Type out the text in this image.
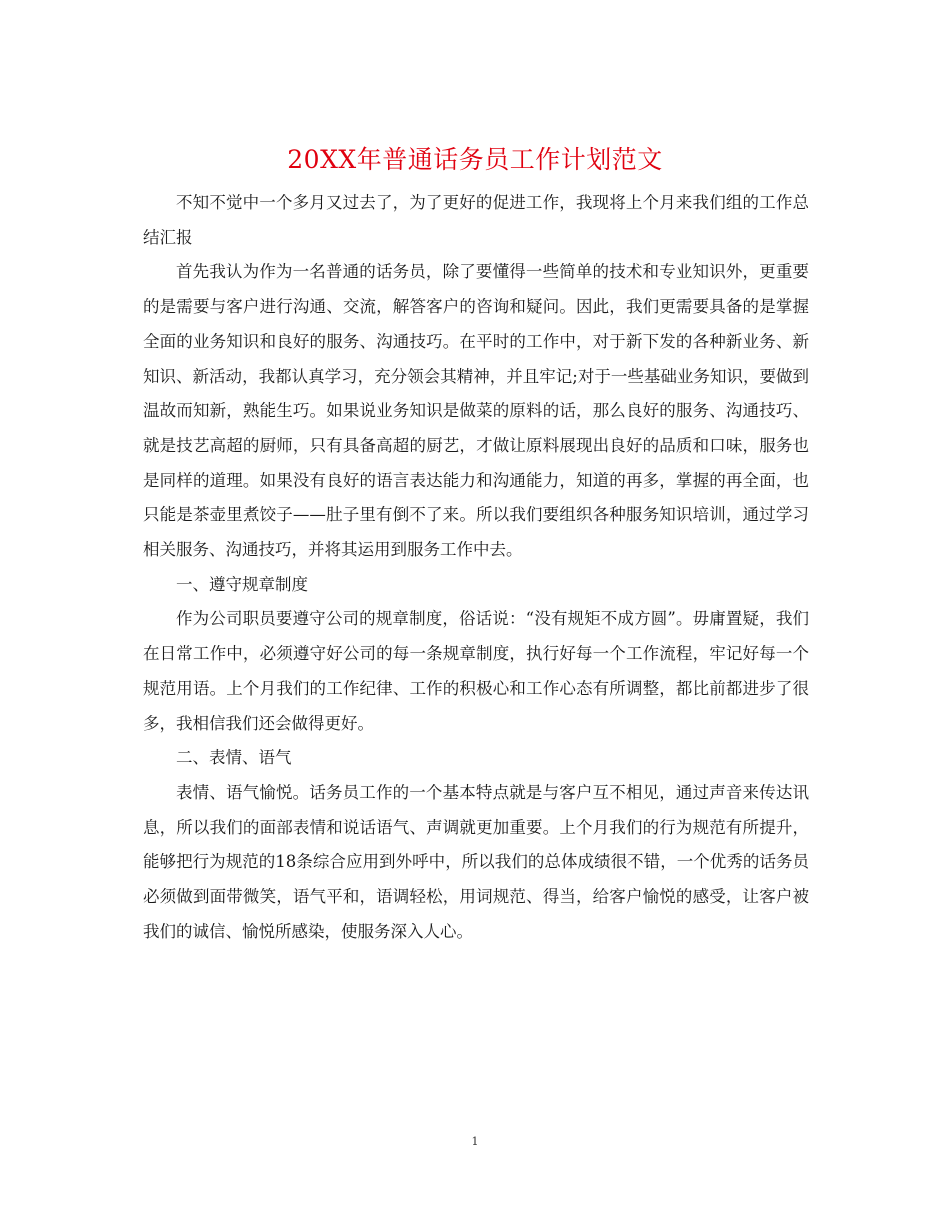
20XX年普通话务员工作计划范文

不知不觉中一个多月又过去了，为了更好的促进工作，我现将上个月来我们组的工作总结汇报

首先我认为作为一名普通的话务员，除了要懂得一些简单的技术和专业知识外，更重要的是需要与客户进行沟通、交流，解答客户的咨询和疑问。因此，我们更需要具备的是掌握全面的业务知识和良好的服务、沟通技巧。在平时的工作中，对于新下发的各种新业务、新知识、新活动，我都认真学习，充分领会其精神，并且牢记;对于一些基础业务知识，要做到温故而知新，熟能生巧。如果说业务知识是做菜的原料的话，那么良好的服务、沟通技巧、就是技艺高超的厨师，只有具备高超的厨艺，才做让原料展现出良好的品质和口味，服务也是同样的道理。如果没有良好的语言表达能力和沟通能力，知道的再多，掌握的再全面，也只能是茶壶里煮饺子——肚子里有倒不了来。所以我们要组织各种服务知识培训，通过学习相关服务、沟通技巧，并将其运用到服务工作中去。

一、遵守规章制度

作为公司职员要遵守公司的规章制度，俗话说：“没有规矩不成方圆”。毋庸置疑，我们在日常工作中，必须遵守好公司的每一条规章制度，执行好每一个工作流程，牢记好每一个规范用语。上个月我们的工作纪律、工作的积极心和工作心态有所调整，都比前都进步了很多，我相信我们还会做得更好。

二、表情、语气

表情、语气愉悦。话务员工作的一个基本特点就是与客户互不相见，通过声音来传达讯息，所以我们的面部表情和说话语气、声调就更加重要。上个月我们的行为规范有所提升，能够把行为规范的18条综合应用到外呼中，所以我们的总体成绩很不错，一个优秀的话务员必须做到面带微笑，语气平和，语调轻松，用词规范、得当，给客户愉悦的感受，让客户被我们的诚信、愉悦所感染，使服务深入人心。

1
